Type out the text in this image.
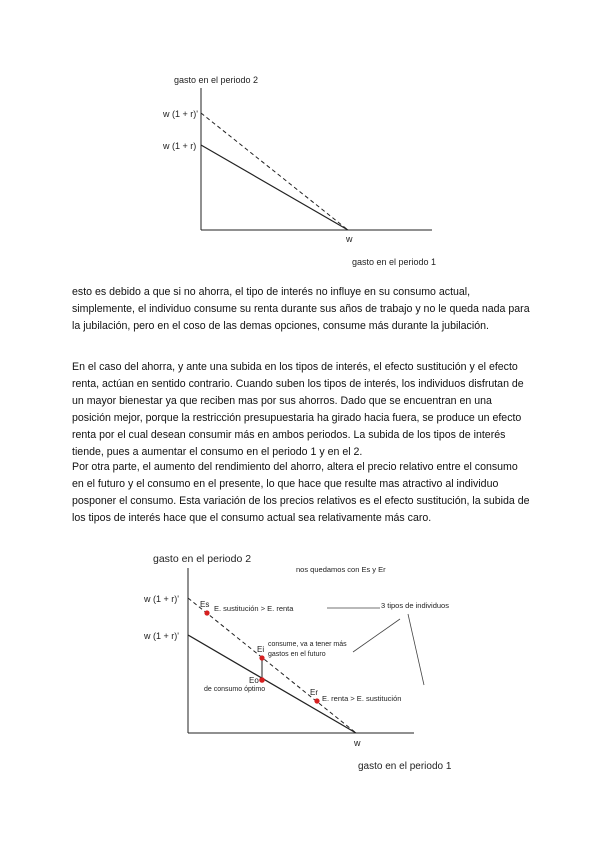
gasto en el periodo 2
w (1 + r)'
w (1 + r)
w
gasto en el periodo 1

esto es debido a que si no ahorra, el tipo de interés no influye en su consumo actual, simplemente, el individuo consume su renta durante sus años de trabajo y no le queda nada para la jubilación, pero en el coso de las demas opciones, consume más durante la jubilación.

En el caso del ahorra, y ante una subida en los tipos de interés, el efecto sustitución y el efecto renta, actúan en sentido contrario. Cuando suben los tipos de interés, los individuos disfrutan de un mayor bienestar ya que reciben mas por sus ahorros. Dado que se encuentran en una posición mejor, porque la restricción presupuestaria ha girado hacia fuera, se produce un efecto renta por el cual desean consumir más en ambos periodos. La subida de los tipos de interés tiende, pues a aumentar el consumo en el periodo 1 y en el 2.

Por otra parte, el aumento del rendimiento del ahorro, altera el precio relativo entre el consumo en el futuro y el consumo en el presente, lo que hace que resulte mas atractivo al individuo posponer el consumo. Esta variación de los precios relativos es el efecto sustitución, la subida de los tipos de interés hace que el consumo actual sea relativamente más caro.

gasto en el periodo 2
nos quedamos con Es y Er
w (1 + r)'
w (1 + r)'
Es E. sustitución > E. renta	3 tipos de individuos
Ei
consume, va a tener más
gastos en el futuro
Eo
de consumo óptimo	Er
E. renta > E. sustitución
w
gasto en el periodo 1
